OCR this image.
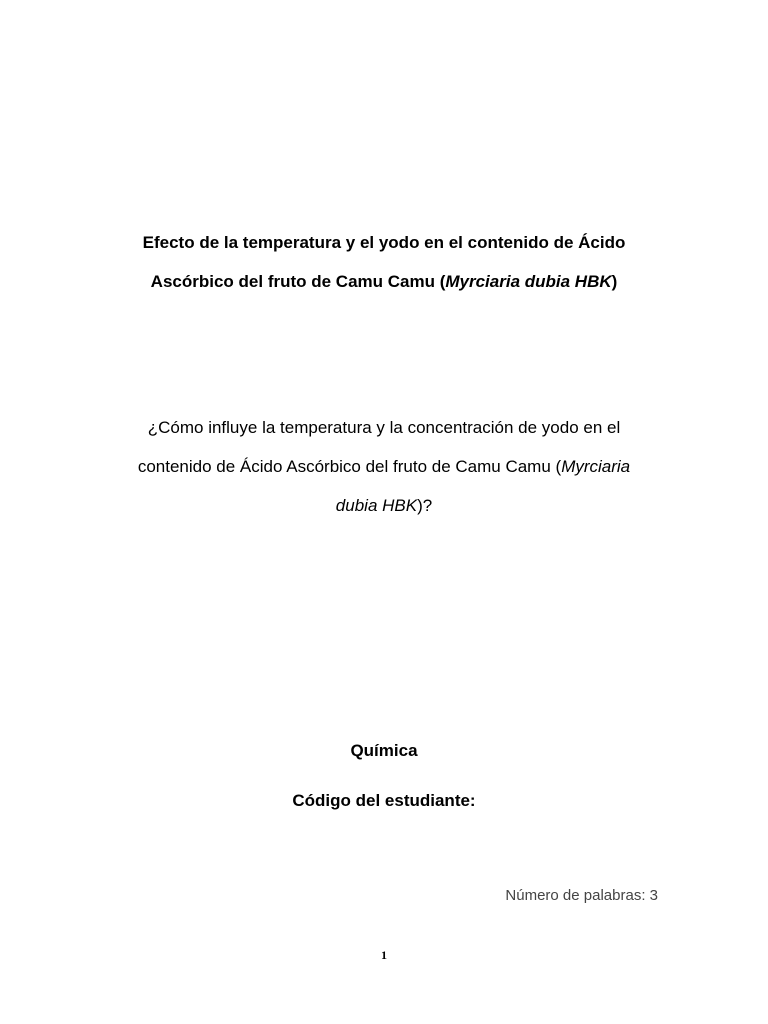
Efecto de la temperatura y el yodo en el contenido de Ácido
Ascórbico del fruto de Camu Camu (Myrciaria dubia HBK)
¿Cómo influye la temperatura y la concentración de yodo en el
contenido de Ácido Ascórbico del fruto de Camu Camu (Myrciaria
dubia HBK)?
Química
Código del estudiante:
Número de palabras: 3
1
